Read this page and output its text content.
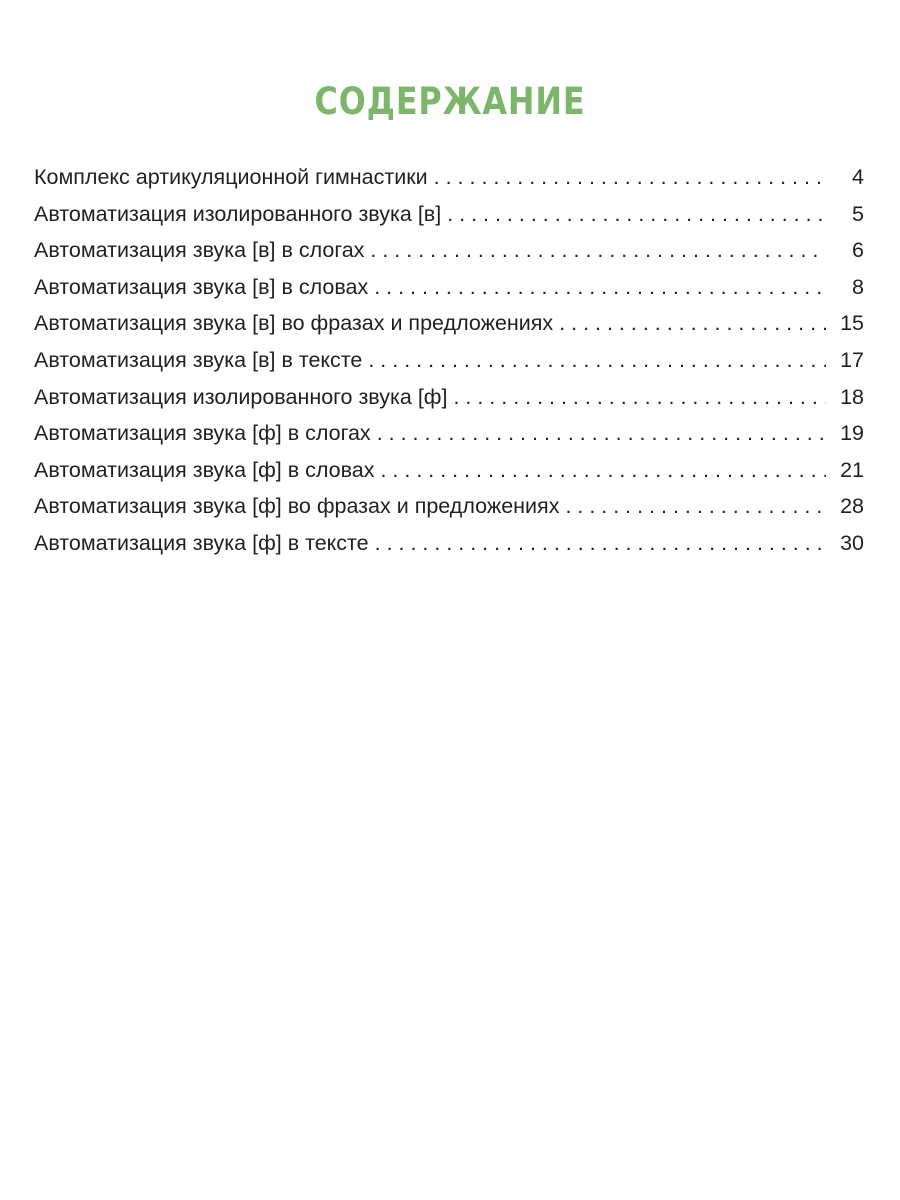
СОДЕРЖАНИЕ
Комплекс артикуляционной гимнастики . . .	4
Автоматизация изолированного звука [в] . . .	5
Автоматизация звука [в] в слогах . . .	6
Автоматизация звука [в] в словах . . .	8
Автоматизация звука [в] во фразах и предложениях . . .	15
Автоматизация звука [в] в тексте . . .	17
Автоматизация изолированного звука [ф] . . .	18
Автоматизация звука [ф] в слогах . . .	19
Автоматизация звука [ф] в словах . . .	21
Автоматизация звука [ф] во фразах и предложениях . . .	28
Автоматизация звука [ф] в тексте . . .	30
